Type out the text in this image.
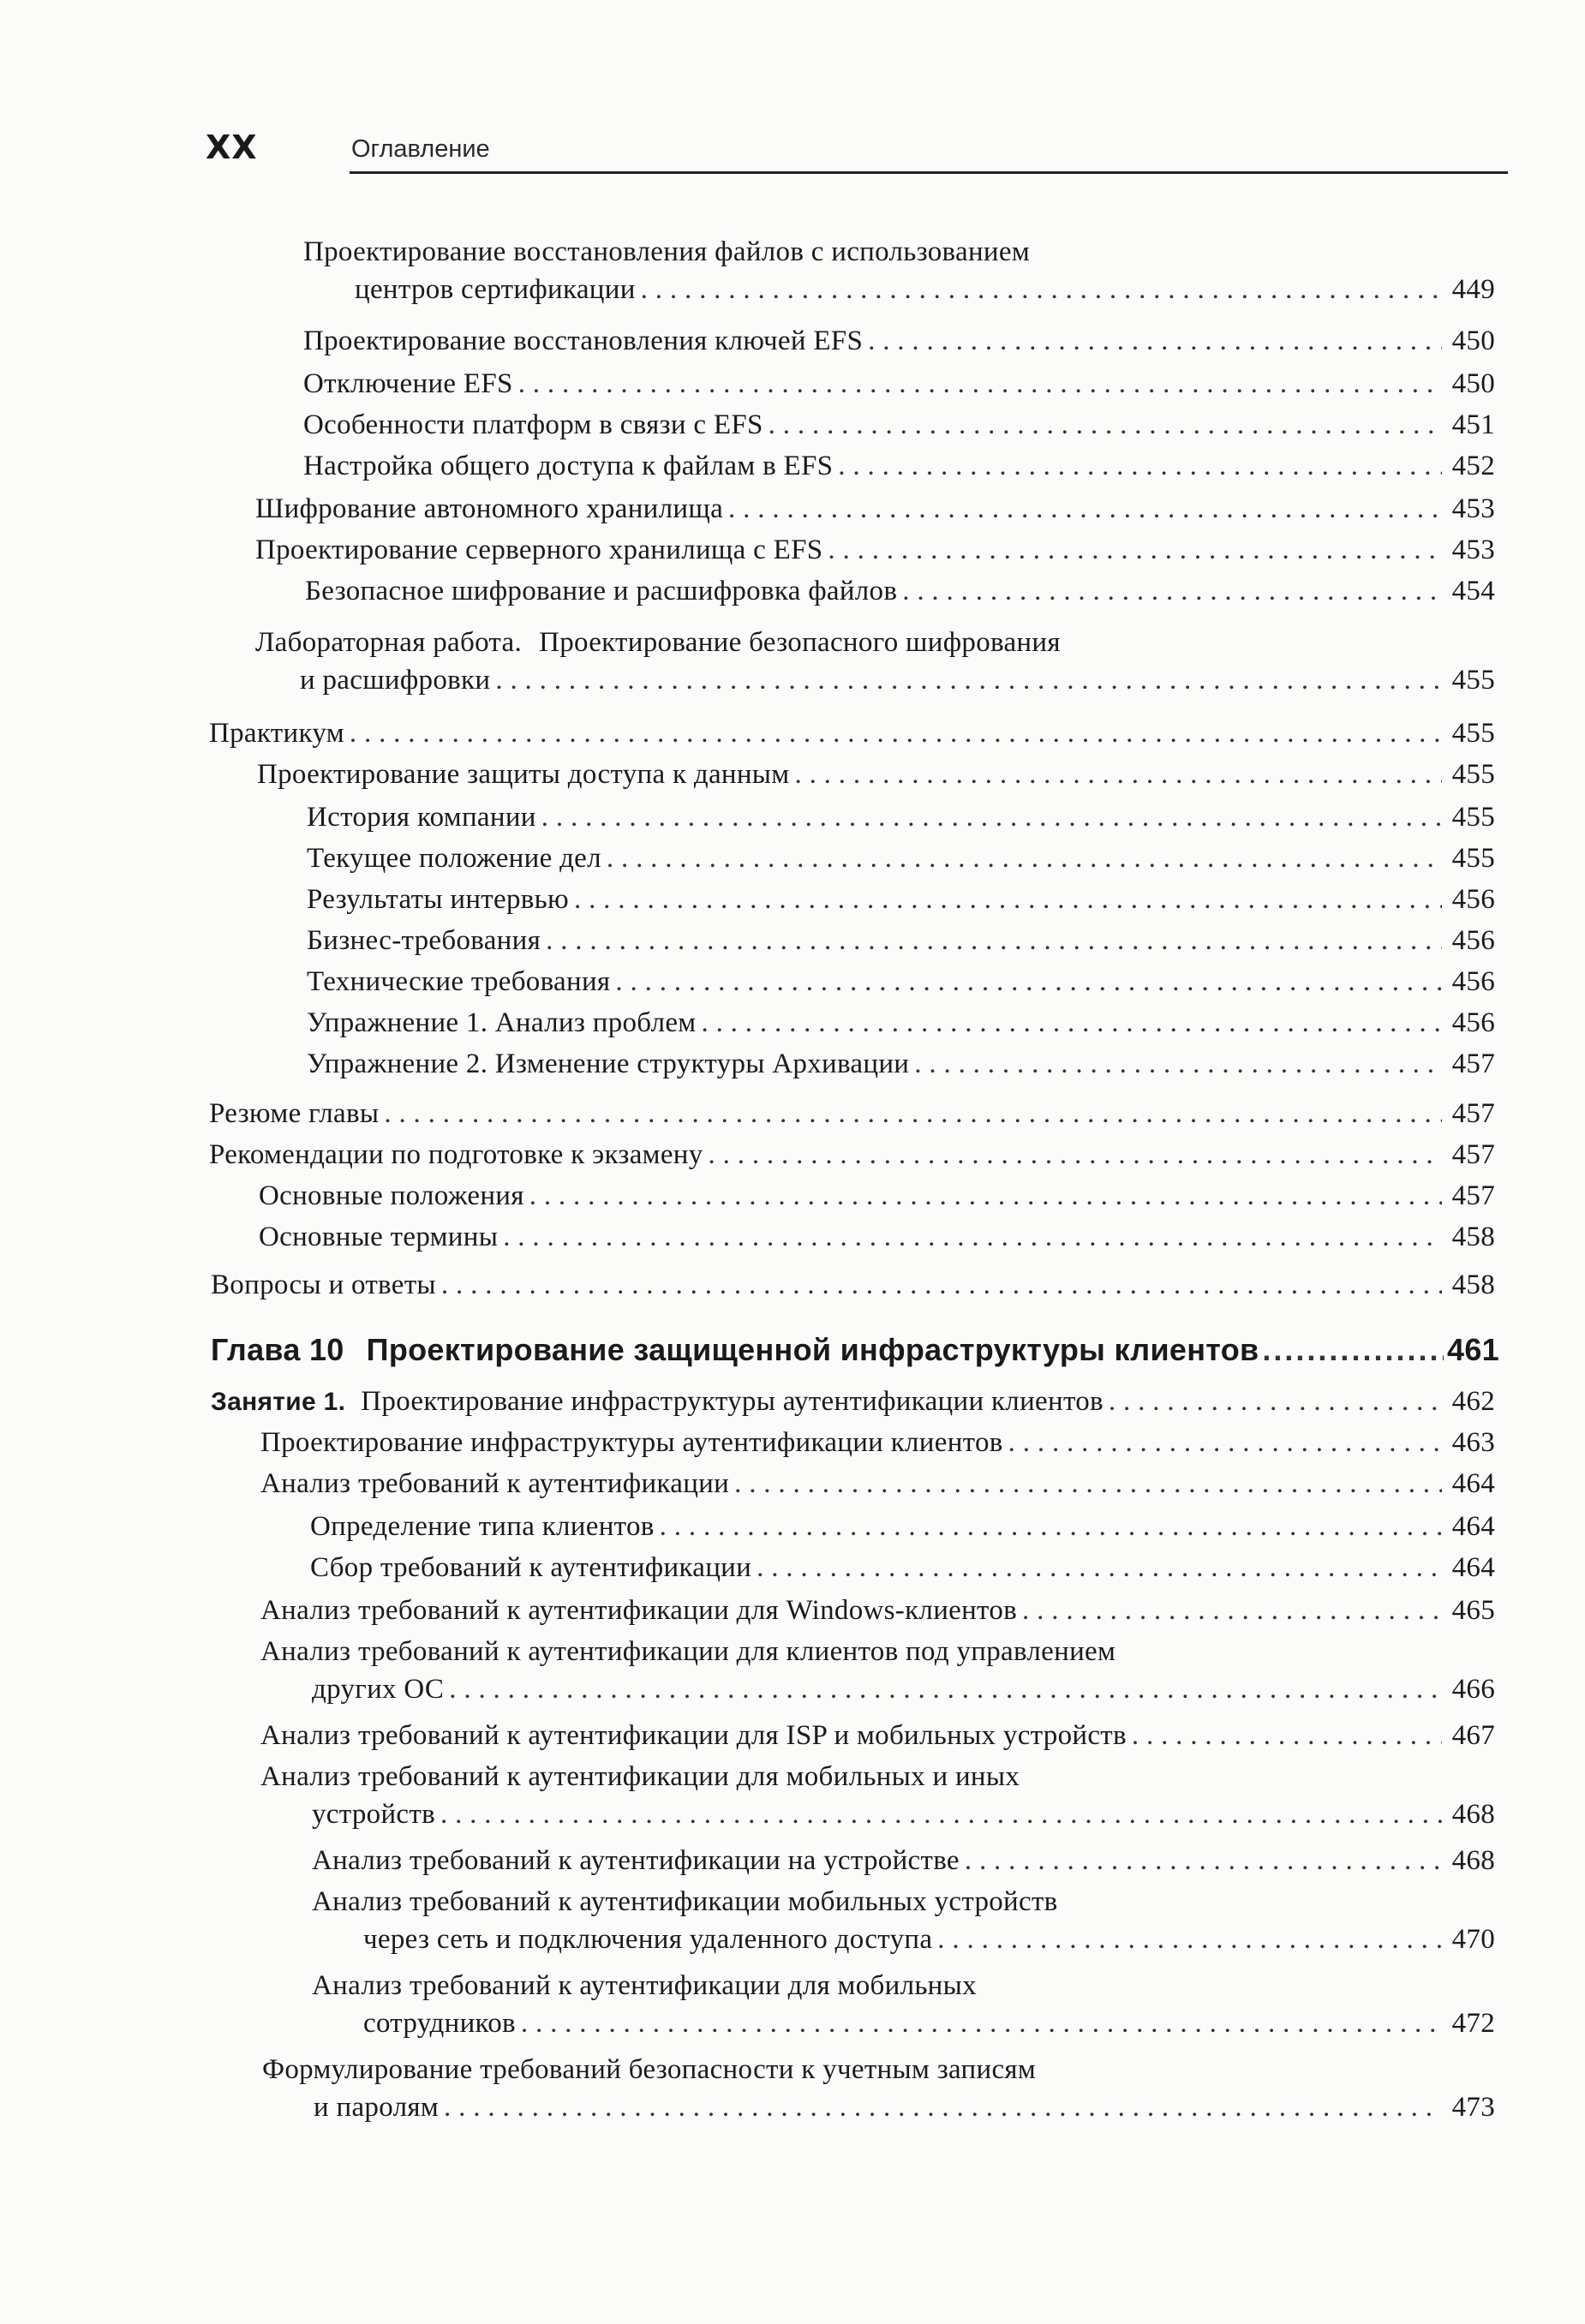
XX	Оглавление
Проектирование восстановления файлов с использованием
центров сертификации . . .	449
Проектирование восстановления ключей EFS . . .	450
Отключение EFS . . .	450
Особенности платформ в связи с EFS . . .	451
Настройка общего доступа к файлам в EFS . . .	452
Шифрование автономного хранилища . . .	453
Проектирование серверного хранилища с EFS . . .	453
Безопасное шифрование и расшифровка файлов . . .	454
Лабораторная работа. Проектирование безопасного шифрования
и расшифровки . . .	455
Практикум . . .	455
Проектирование защиты доступа к данным . . .	455
История компании . . .	455
Текущее положение дел . . .	455
Результаты интервью . . .	456
Бизнес-требования . . .	456
Технические требования . . .	456
Упражнение 1. Анализ проблем . . .	456
Упражнение 2. Изменение структуры Архивации . . .	457
Резюме главы . . .	457
Рекомендации по подготовке к экзамену . . .	457
Основные положения . . .	457
Основные термины . . .	458
Вопросы и ответы . . .	458
Глава 10 Проектирование защищенной инфраструктуры клиентов .....	461
Занятие 1. Проектирование инфраструктуры аутентификации клиентов . . .	462
Проектирование инфраструктуры аутентификации клиентов . . .	463
Анализ требований к аутентификации . . .	464
Определение типа клиентов . . .	464
Сбор требований к аутентификации . . .	464
Анализ требований к аутентификации для Windows-клиентов . . .	465
Анализ требований к аутентификации для клиентов под управлением
других ОС . . .	466
Анализ требований к аутентификации для ISP и мобильных устройств . . .	467
Анализ требований к аутентификации для мобильных и иных
устройств . . .	468
Анализ требований к аутентификации на устройстве . . .	468
Анализ требований к аутентификации мобильных устройств
через сеть и подключения удаленного доступа . . .	470
Анализ требований к аутентификации для мобильных
сотрудников . . .	472
Формулирование требований безопасности к учетным записям
и паролям . . .	473
